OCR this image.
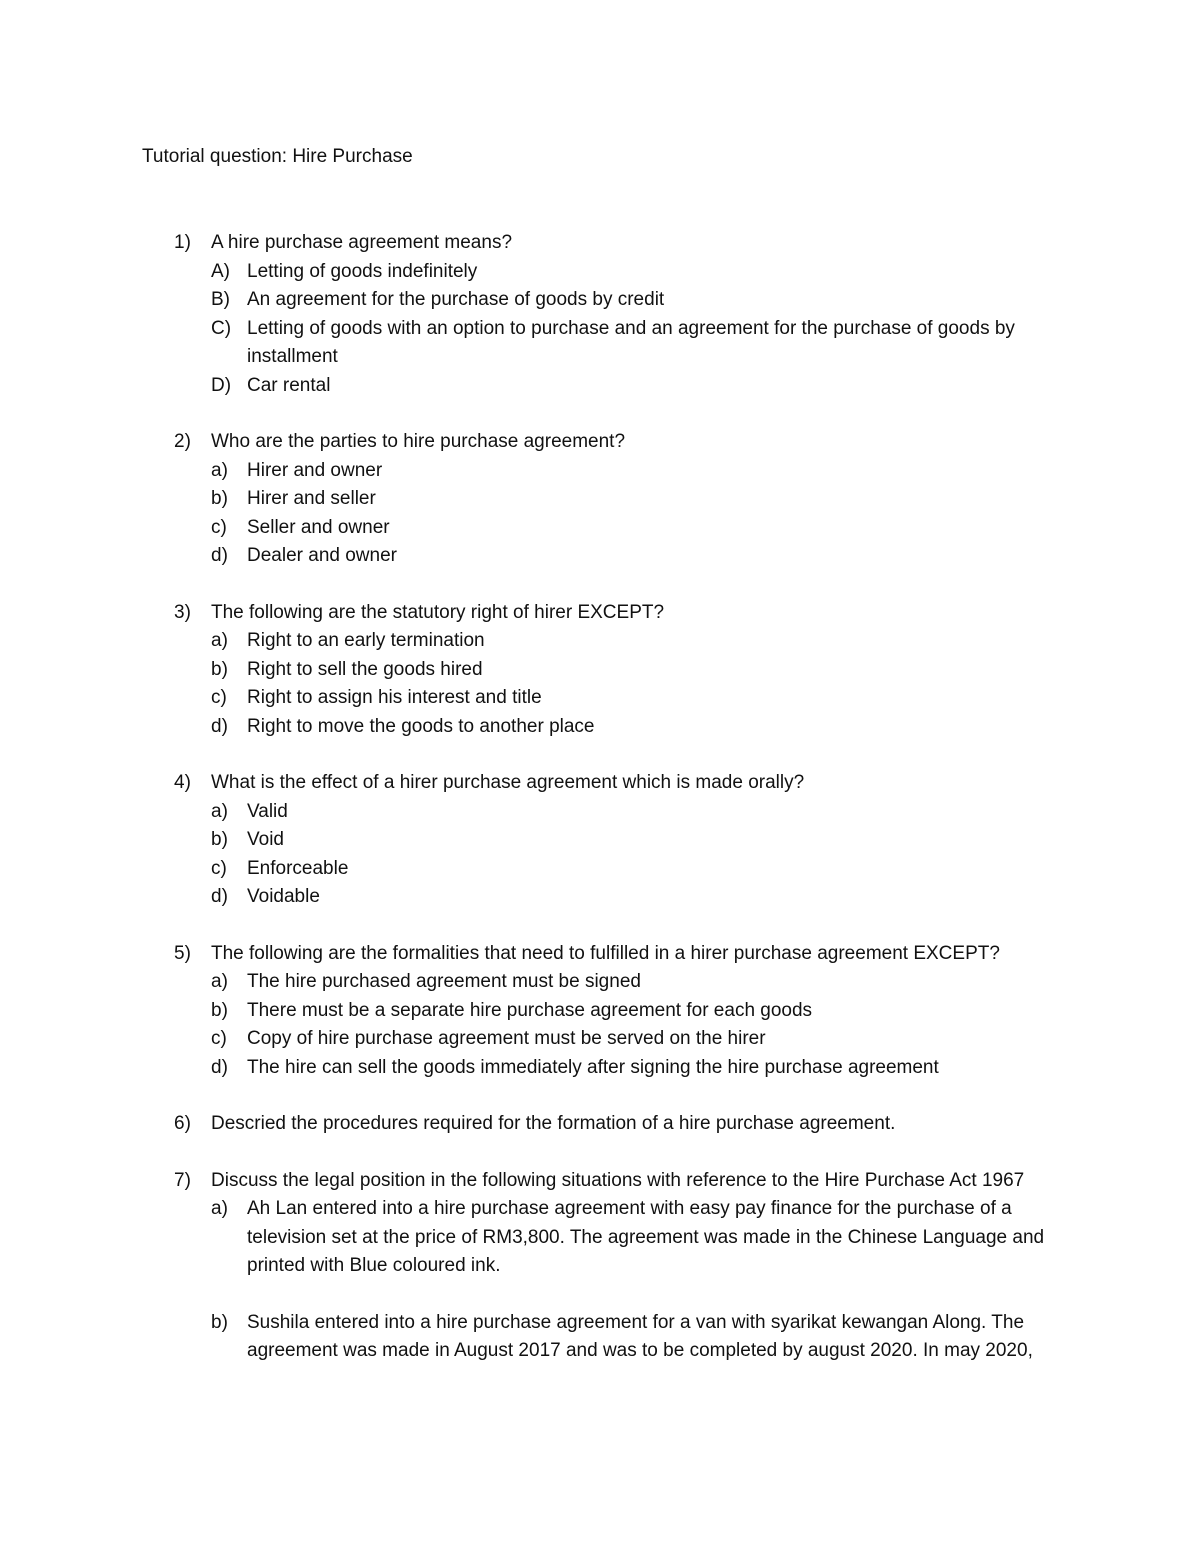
Tutorial question: Hire Purchase
1)	A hire purchase agreement means?
A) Letting of goods indefinitely
B) An agreement for the purchase of goods by credit
C) Letting of goods with an option to purchase and an agreement for the purchase of goods by installment
D) Car rental
2)	Who are the parties to hire purchase agreement?
a)	Hirer and owner
b)	Hirer and seller
c)	Seller and owner
d)	Dealer and owner
3)	The following are the statutory right of hirer EXCEPT?
a)	Right to an early termination
b)	Right to sell the goods hired
c)	Right to assign his interest and title
d)	Right to move the goods to another place
4)	What is the effect of a hirer purchase agreement which is made orally?
a)	Valid
b)	Void
c)	Enforceable
d)	Voidable
5)	The following are the formalities that need to fulfilled in a hirer purchase agreement EXCEPT?
a)	The hire purchased agreement must be signed
b)	There must be a separate hire purchase agreement for each goods
c)	Copy of hire purchase agreement must be served on the hirer
d)	The hire can sell the goods immediately after signing the hire purchase agreement
6)	Descried the procedures required for the formation of a hire purchase agreement.
7)	Discuss the legal position in the following situations with reference to the Hire Purchase Act 1967
a)	Ah Lan entered into a hire purchase agreement with easy pay finance for the purchase of a television set at the price of RM3,800. The agreement was made in the Chinese Language and printed with Blue coloured ink.
b)	Sushila entered into a hire purchase agreement for a van with syarikat kewangan Along. The agreement was made in August 2017 and was to be completed by august 2020. In may 2020,
